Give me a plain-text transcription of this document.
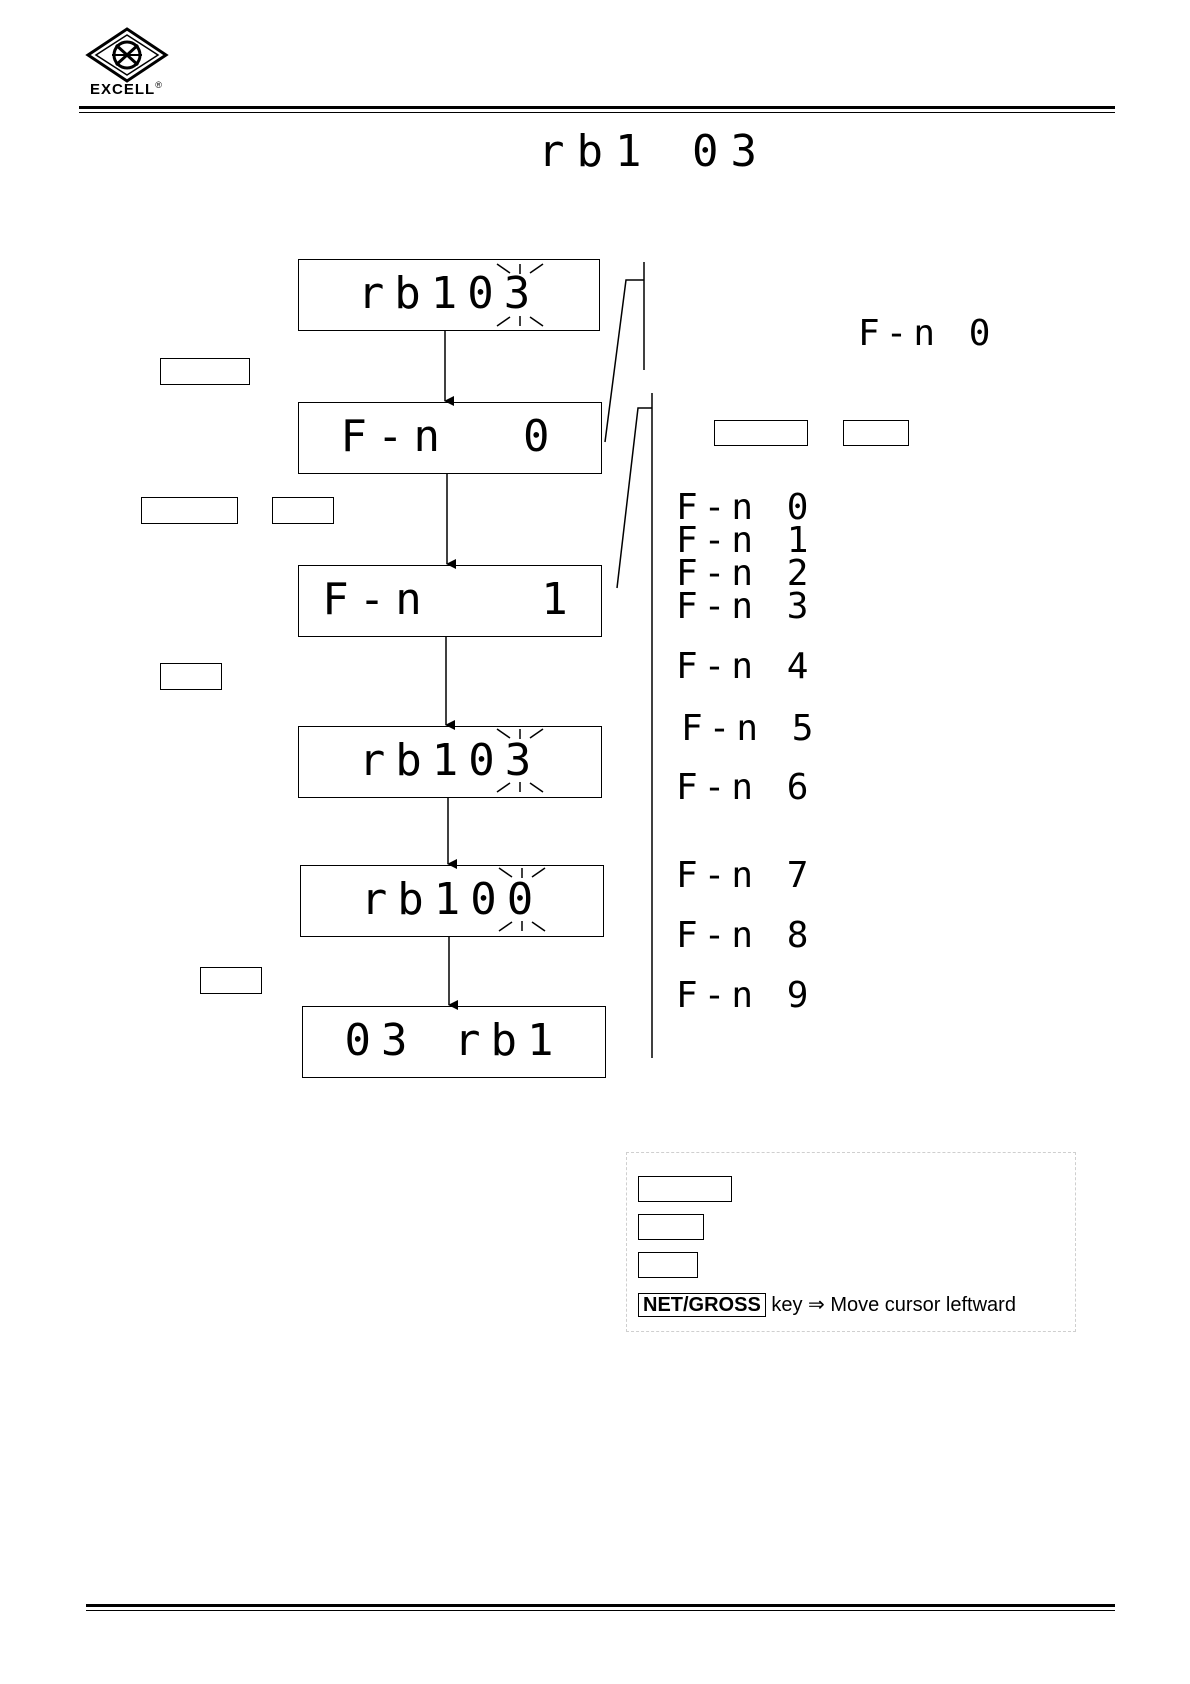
EXCELL®
rb1 03
rb103
F-n  0
F-n   1
rb103
rb100
03 rb1
F-n 0
F-n 0
F-n 1
F-n 2
F-n 3
F-n 4
F-n 5
F-n 6
F-n 7
F-n 8
F-n 9
NET/GROSS key ⇒ Move cursor leftward
